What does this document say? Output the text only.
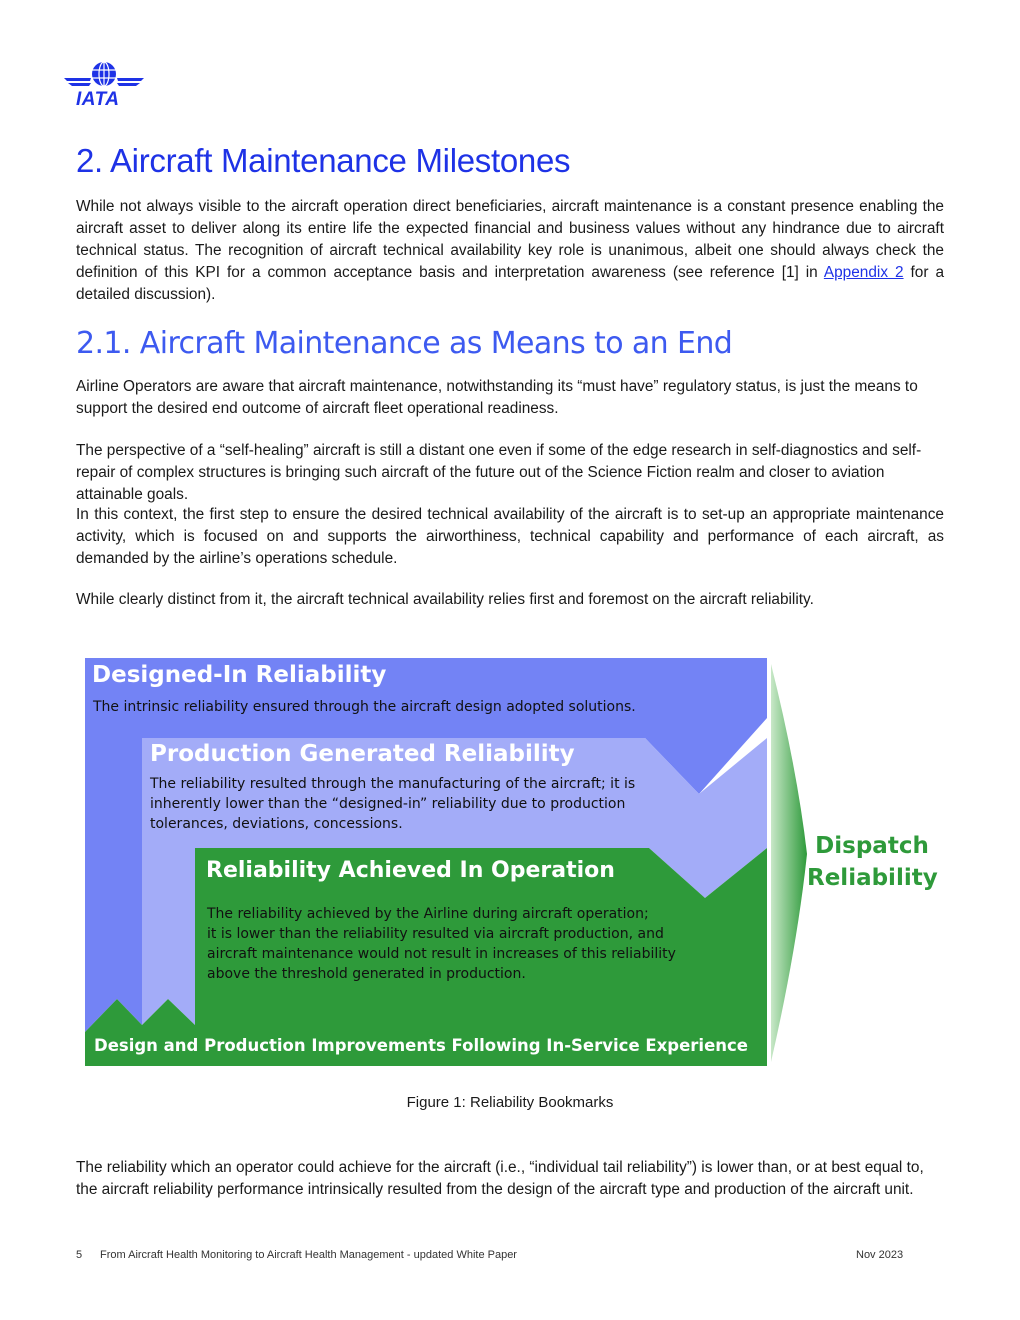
IATA
2. Aircraft Maintenance Milestones

While not always visible to the aircraft operation direct beneficiaries, aircraft maintenance is a constant presence enabling the aircraft asset to deliver along its entire life the expected financial and business values without any hindrance due to aircraft technical status. The recognition of aircraft technical availability key role is unanimous, albeit one should always check the definition of this KPI for a common acceptance basis and interpretation awareness (see reference [1] in Appendix 2 for a detailed discussion).

2.1. Aircraft Maintenance as Means to an End

Airline Operators are aware that aircraft maintenance, notwithstanding its “must have” regulatory status, is just the means to support the desired end outcome of aircraft fleet operational readiness.

The perspective of a “self-healing” aircraft is still a distant one even if some of the edge research in self-diagnostics and self-repair of complex structures is bringing such aircraft of the future out of the Science Fiction realm and closer to aviation attainable goals.

In this context, the first step to ensure the desired technical availability of the aircraft is to set-up an appropriate maintenance activity, which is focused on and supports the airworthiness, technical capability and performance of each aircraft, as demanded by the airline’s operations schedule.

While clearly distinct from it, the aircraft technical availability relies first and foremost on the aircraft reliability.

Designed-In Reliability
The intrinsic reliability ensured through the aircraft design adopted solutions.
Production Generated Reliability
The reliability resulted through the manufacturing of the aircraft; it is
inherently lower than the “designed-in” reliability due to production
tolerances, deviations, concessions.
Reliability Achieved In Operation
The reliability achieved by the Airline during aircraft operation;
it is lower than the reliability resulted via aircraft production, and
aircraft maintenance would not result in increases of this reliability
above the threshold generated in production.
Design and Production Improvements Following In-Service Experience
Dispatch
Reliability
Figure 1: Reliability Bookmarks

The reliability which an operator could achieve for the aircraft (i.e., “individual tail reliability”) is lower than, or at best equal to, the aircraft reliability performance intrinsically resulted from the design of the aircraft type and production of the aircraft unit.

5 From Aircraft Health Monitoring to Aircraft Health Management - updated White Paper	Nov 2023
